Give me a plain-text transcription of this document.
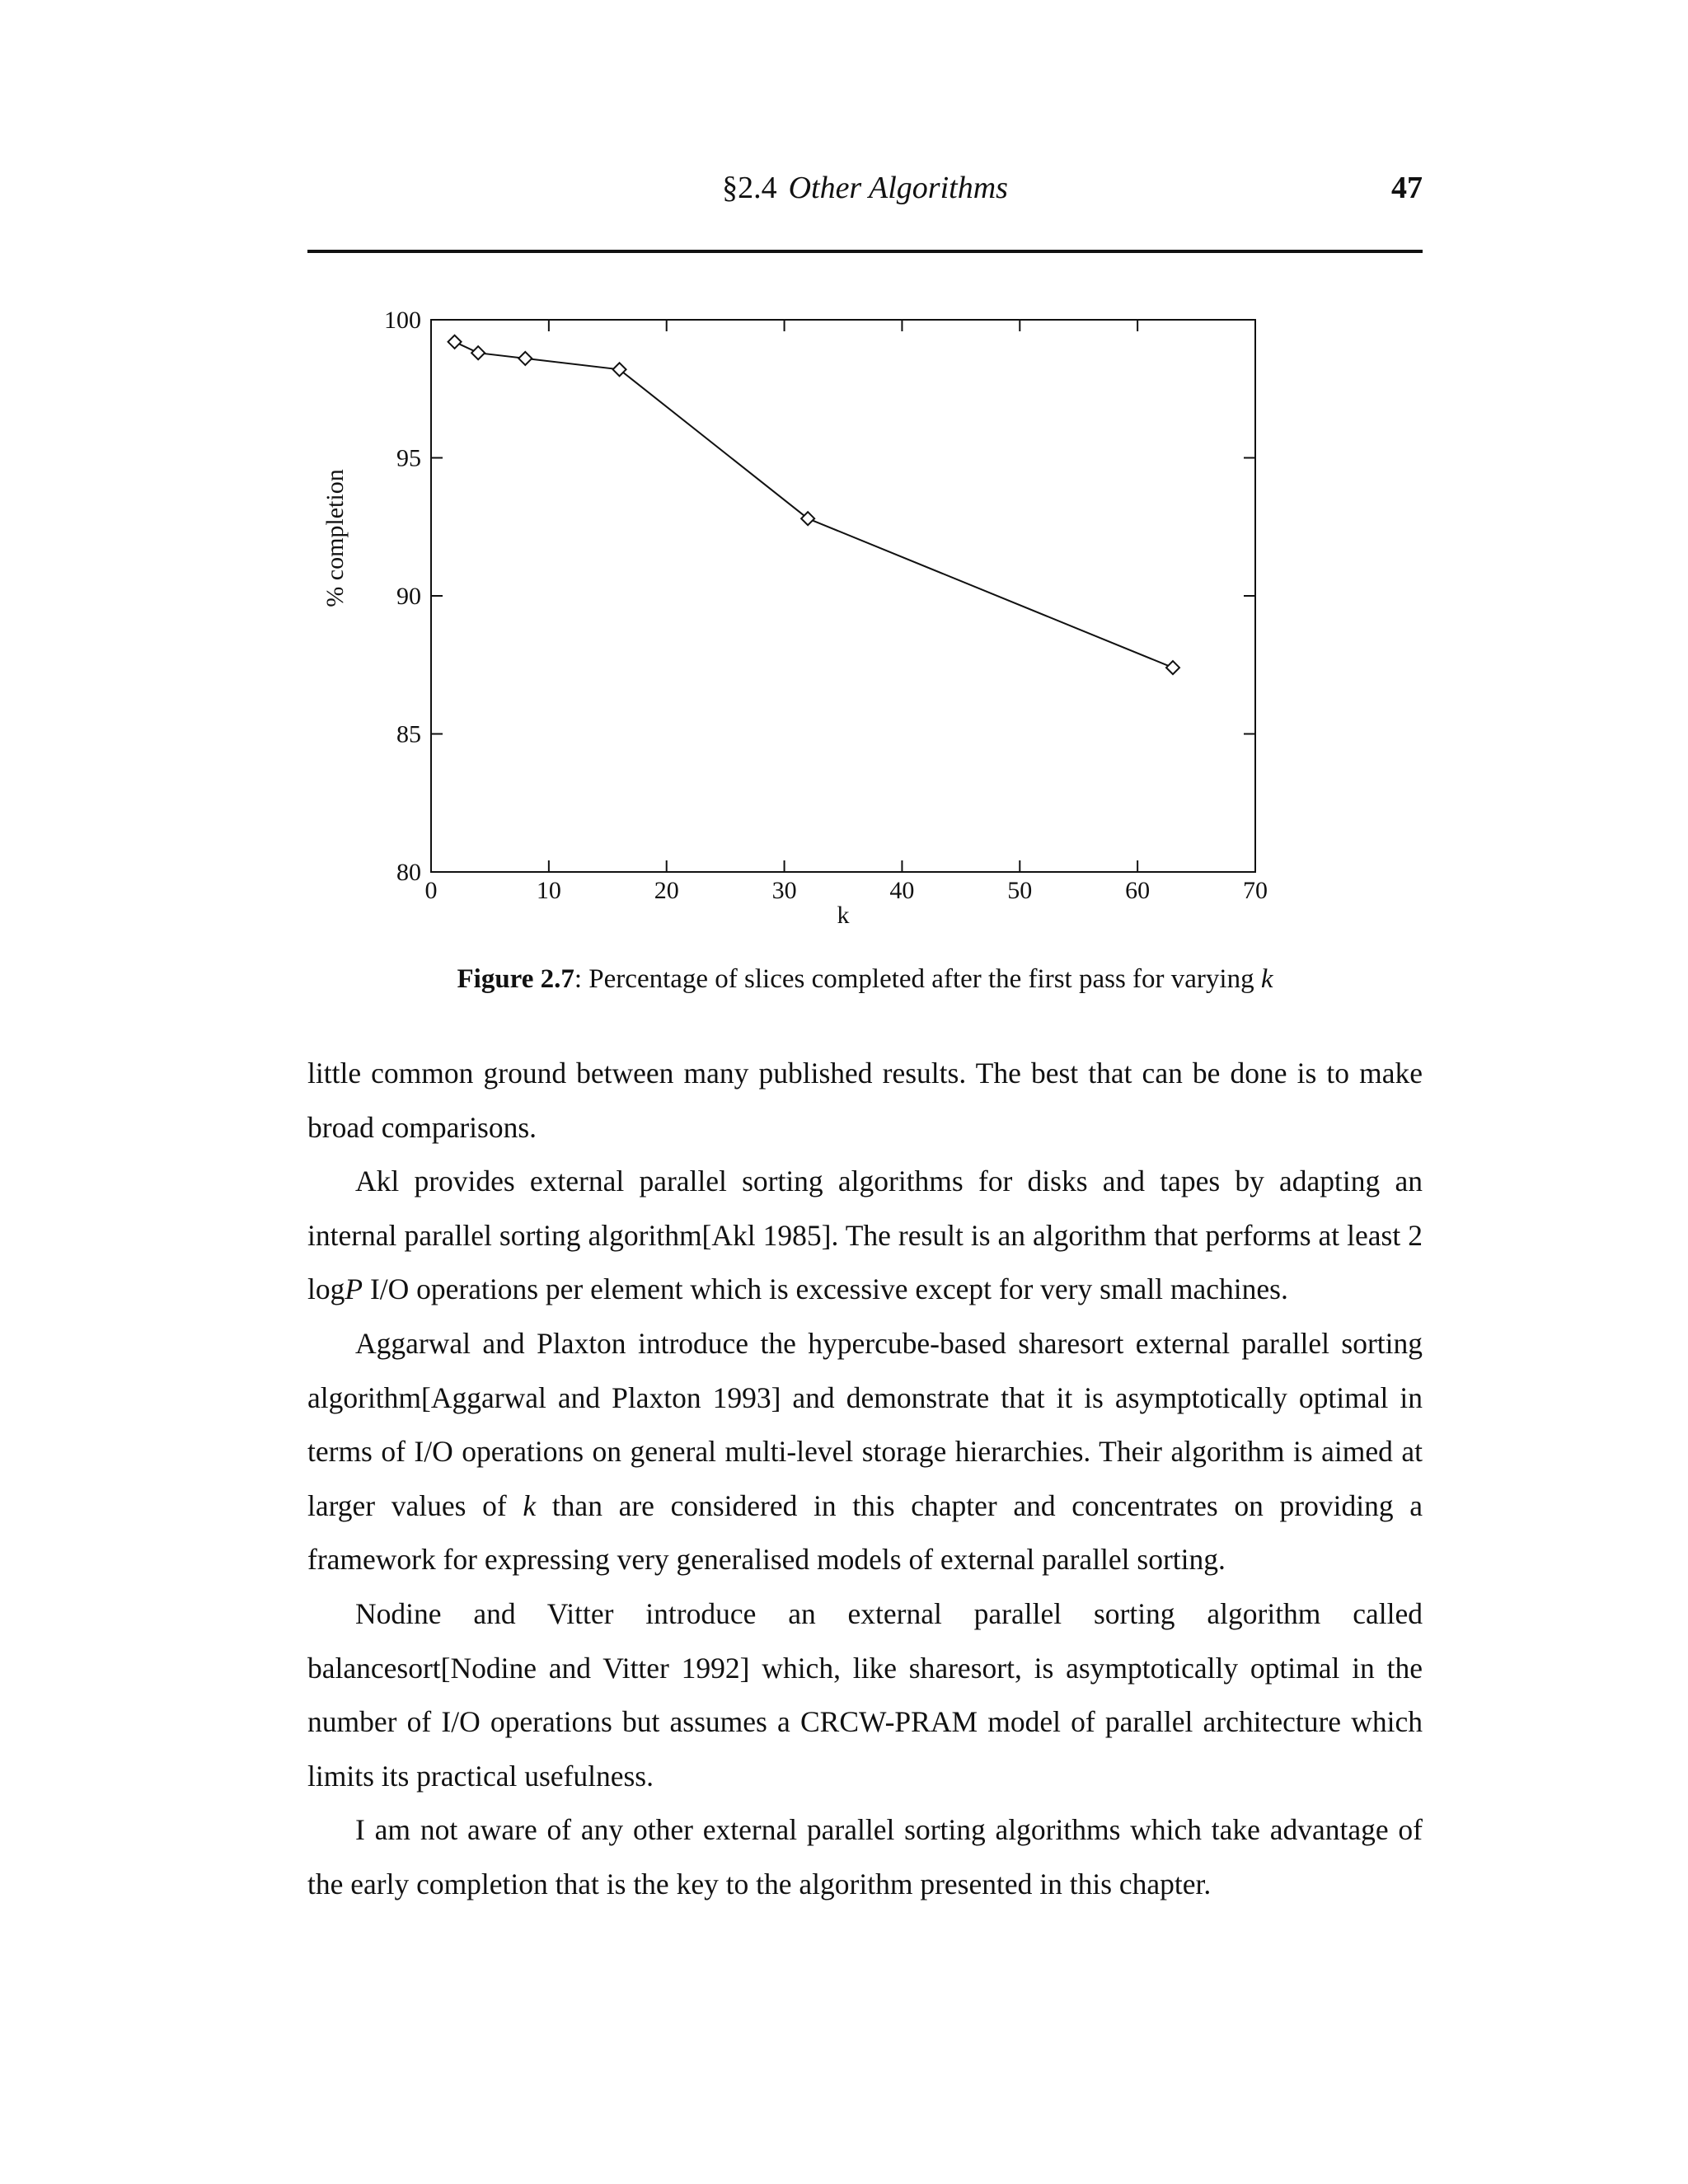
§2.4 Other Algorithms	47
0	10	20	30	40	50	60	70
80
85
90
95
100
k
% completion
Figure 2.7: Percentage of slices completed after the first pass for varying k

little common ground between many published results. The best that can be done is to make broad comparisons.

Akl provides external parallel sorting algorithms for disks and tapes by adapting an internal parallel sorting algorithm[Akl 1985]. The result is an algorithm that performs at least 2 logP I/O operations per element which is excessive except for very small machines.

Aggarwal and Plaxton introduce the hypercube-based sharesort external parallel sorting algorithm[Aggarwal and Plaxton 1993] and demonstrate that it is asymptotically optimal in terms of I/O operations on general multi-level storage hierarchies. Their algorithm is aimed at larger values of k than are considered in this chapter and concentrates on providing a framework for expressing very generalised models of external parallel sorting.

Nodine and Vitter introduce an external parallel sorting algorithm called balancesort[Nodine and Vitter 1992] which, like sharesort, is asymptotically optimal in the number of I/O operations but assumes a CRCW-PRAM model of parallel architecture which limits its practical usefulness.

I am not aware of any other external parallel sorting algorithms which take advantage of the early completion that is the key to the algorithm presented in this chapter.
